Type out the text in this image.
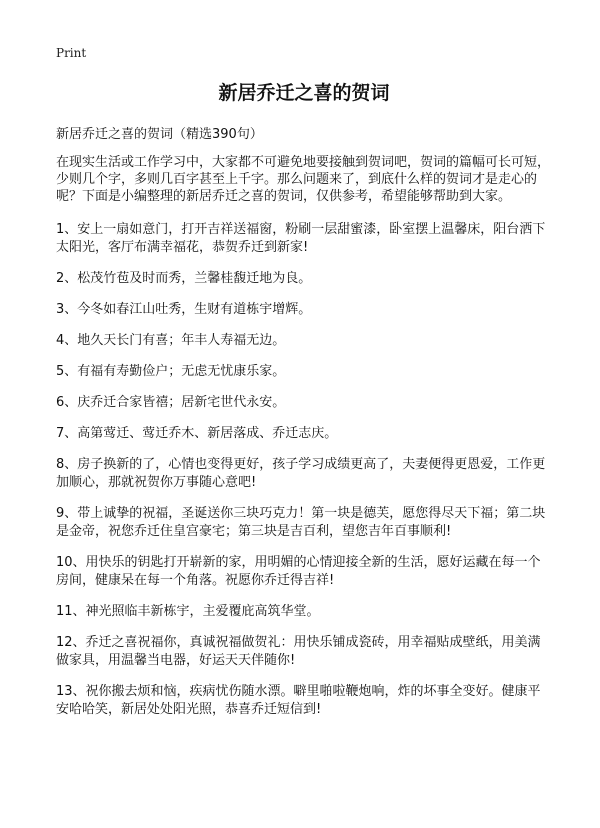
Print
新居乔迁之喜的贺词
新居乔迁之喜的贺词（精选390句）
在现实生活或工作学习中，大家都不可避免地要接触到贺词吧，贺词的篇幅可长可短，少则几个字，多则几百字甚至上千字。那么问题来了，到底什么样的贺词才是走心的呢？下面是小编整理的新居乔迁之喜的贺词，仅供参考，希望能够帮助到大家。
1、安上一扇如意门，打开吉祥送福窗，粉刷一层甜蜜漆，卧室摆上温馨床，阳台洒下太阳光，客厅布满幸福花，恭贺乔迁到新家!
2、松茂竹苞及时而秀，兰馨桂馥迁地为良。
3、今冬如春江山吐秀，生财有道栋宇增辉。
4、地久天长门有喜；年丰人寿福无边。
5、有福有寿勤俭户；无虑无忧康乐家。
6、庆乔迁合家皆禧；居新宅世代永安。
7、高第莺迁、莺迁乔木、新居落成、乔迁志庆。
8、房子换新的了，心情也变得更好，孩子学习成绩更高了，夫妻便得更恩爱，工作更加顺心，那就祝贺你万事随心意吧!
9、带上诚挚的祝福，圣诞送你三块巧克力！第一块是德芙，愿您得尽天下福；第二块是金帝，祝您乔迁住皇宫豪宅；第三块是吉百利，望您吉年百事顺利!
10、用快乐的钥匙打开崭新的家，用明媚的心情迎接全新的生活，愿好运藏在每一个房间，健康呆在每一个角落。祝愿你乔迁得吉祥!
11、神光照临丰新栋宇，主爱覆庇高筑华堂。
12、乔迁之喜祝福你，真诚祝福做贺礼：用快乐铺成瓷砖，用幸福贴成壁纸，用美满做家具，用温馨当电器，好运天天伴随你!
13、祝你搬去烦和恼，疾病忧伤随水漂。噼里啪啦鞭炮响，炸的坏事全变好。健康平安哈哈笑，新居处处阳光照，恭喜乔迁短信到!
